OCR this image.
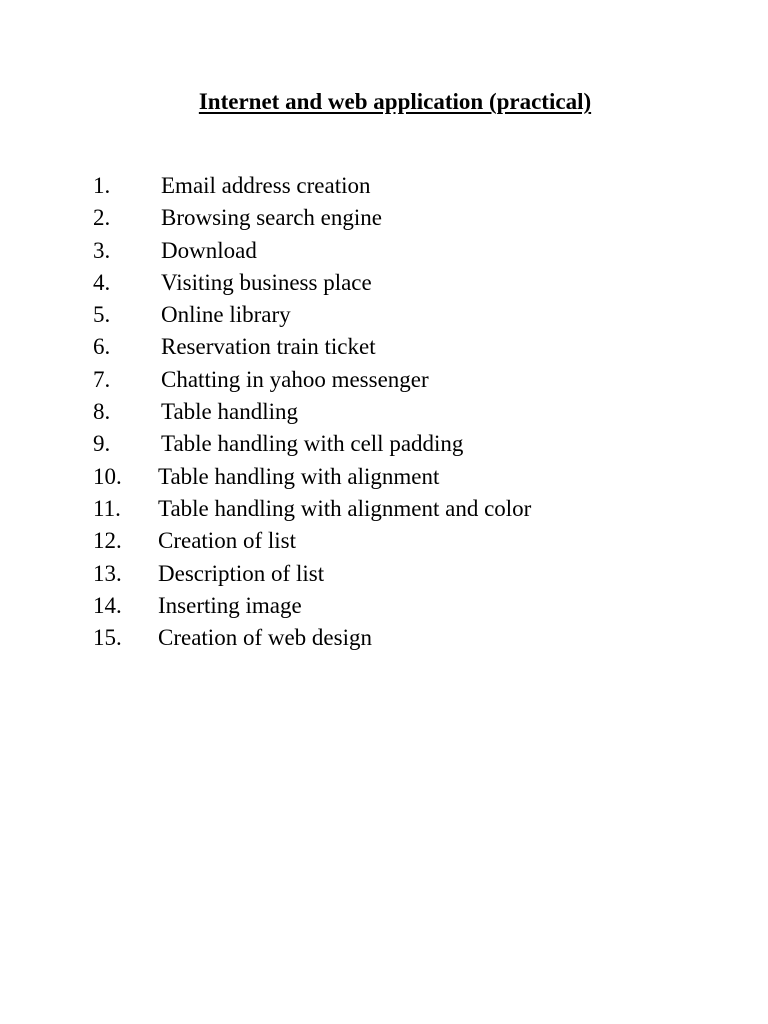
Internet and web application (practical)
1. Email address creation
2. Browsing search engine
3. Download
4. Visiting business place
5. Online library
6. Reservation train ticket
7. Chatting in yahoo messenger
8. Table handling
9. Table handling with cell padding
10. Table handling with alignment
11. Table handling with alignment and color
12. Creation of list
13. Description of list
14. Inserting image
15. Creation of web design
